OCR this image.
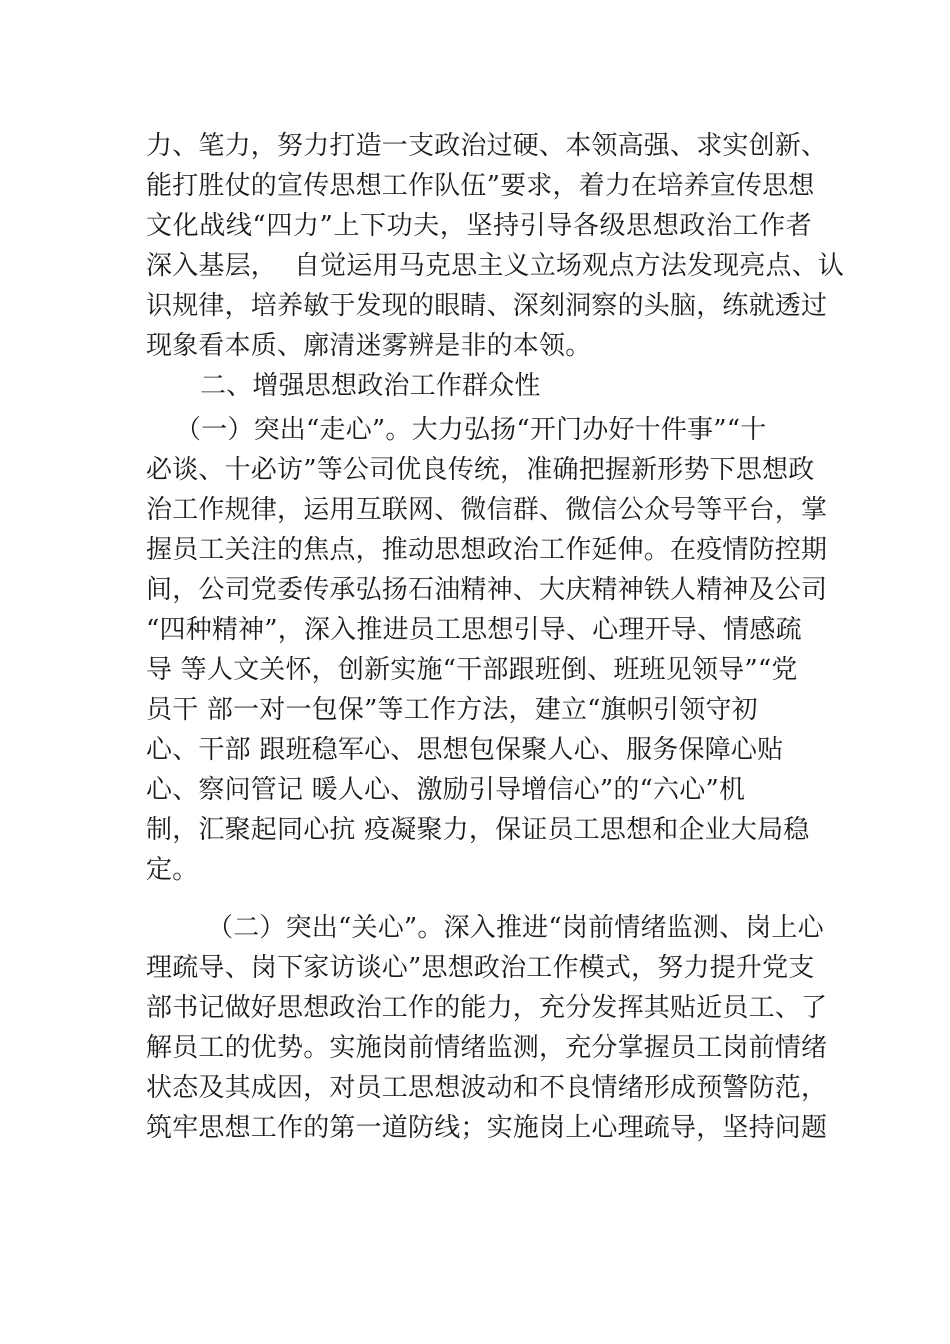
力、笔力，努力打造一支政治过硬、本领高强、求实创新、
能打胜仗的宣传思想工作队伍”要求，着力在培养宣传思想
文化战线“四力”上下功夫，坚持引导各级思想政治工作者
深入基层，  自觉运用马克思主义立场观点方法发现亮点、认
识规律，培养敏于发现的眼睛、深刻洞察的头脑，练就透过
现象看本质、廓清迷雾辨是非的本领。
二、增强思想政治工作群众性
（一）突出“走心”。大力弘扬“开门办好十件事”“十
必谈、十必访”等公司优良传统，准确把握新形势下思想政
治工作规律，运用互联网、微信群、微信公众号等平台，掌
握员工关注的焦点，推动思想政治工作延伸。在疫情防控期
间，公司党委传承弘扬石油精神、大庆精神铁人精神及公司
“四种精神”，深入推进员工思想引导、心理开导、情感疏
导 等人文关怀，创新实施“干部跟班倒、班班见领导”“党
员干 部一对一包保”等工作方法，建立“旗帜引领守初
心、干部 跟班稳军心、思想包保聚人心、服务保障心贴
心、察问管记 暖人心、激励引导增信心”的“六心”机
制，汇聚起同心抗 疫凝聚力，保证员工思想和企业大局稳
定。
（二）突出“关心”。深入推进“岗前情绪监测、岗上心
理疏导、岗下家访谈心”思想政治工作模式，努力提升党支
部书记做好思想政治工作的能力，充分发挥其贴近员工、了
解员工的优势。实施岗前情绪监测，充分掌握员工岗前情绪
状态及其成因，对员工思想波动和不良情绪形成预警防范，
筑牢思想工作的第一道防线；实施岗上心理疏导，坚持问题
